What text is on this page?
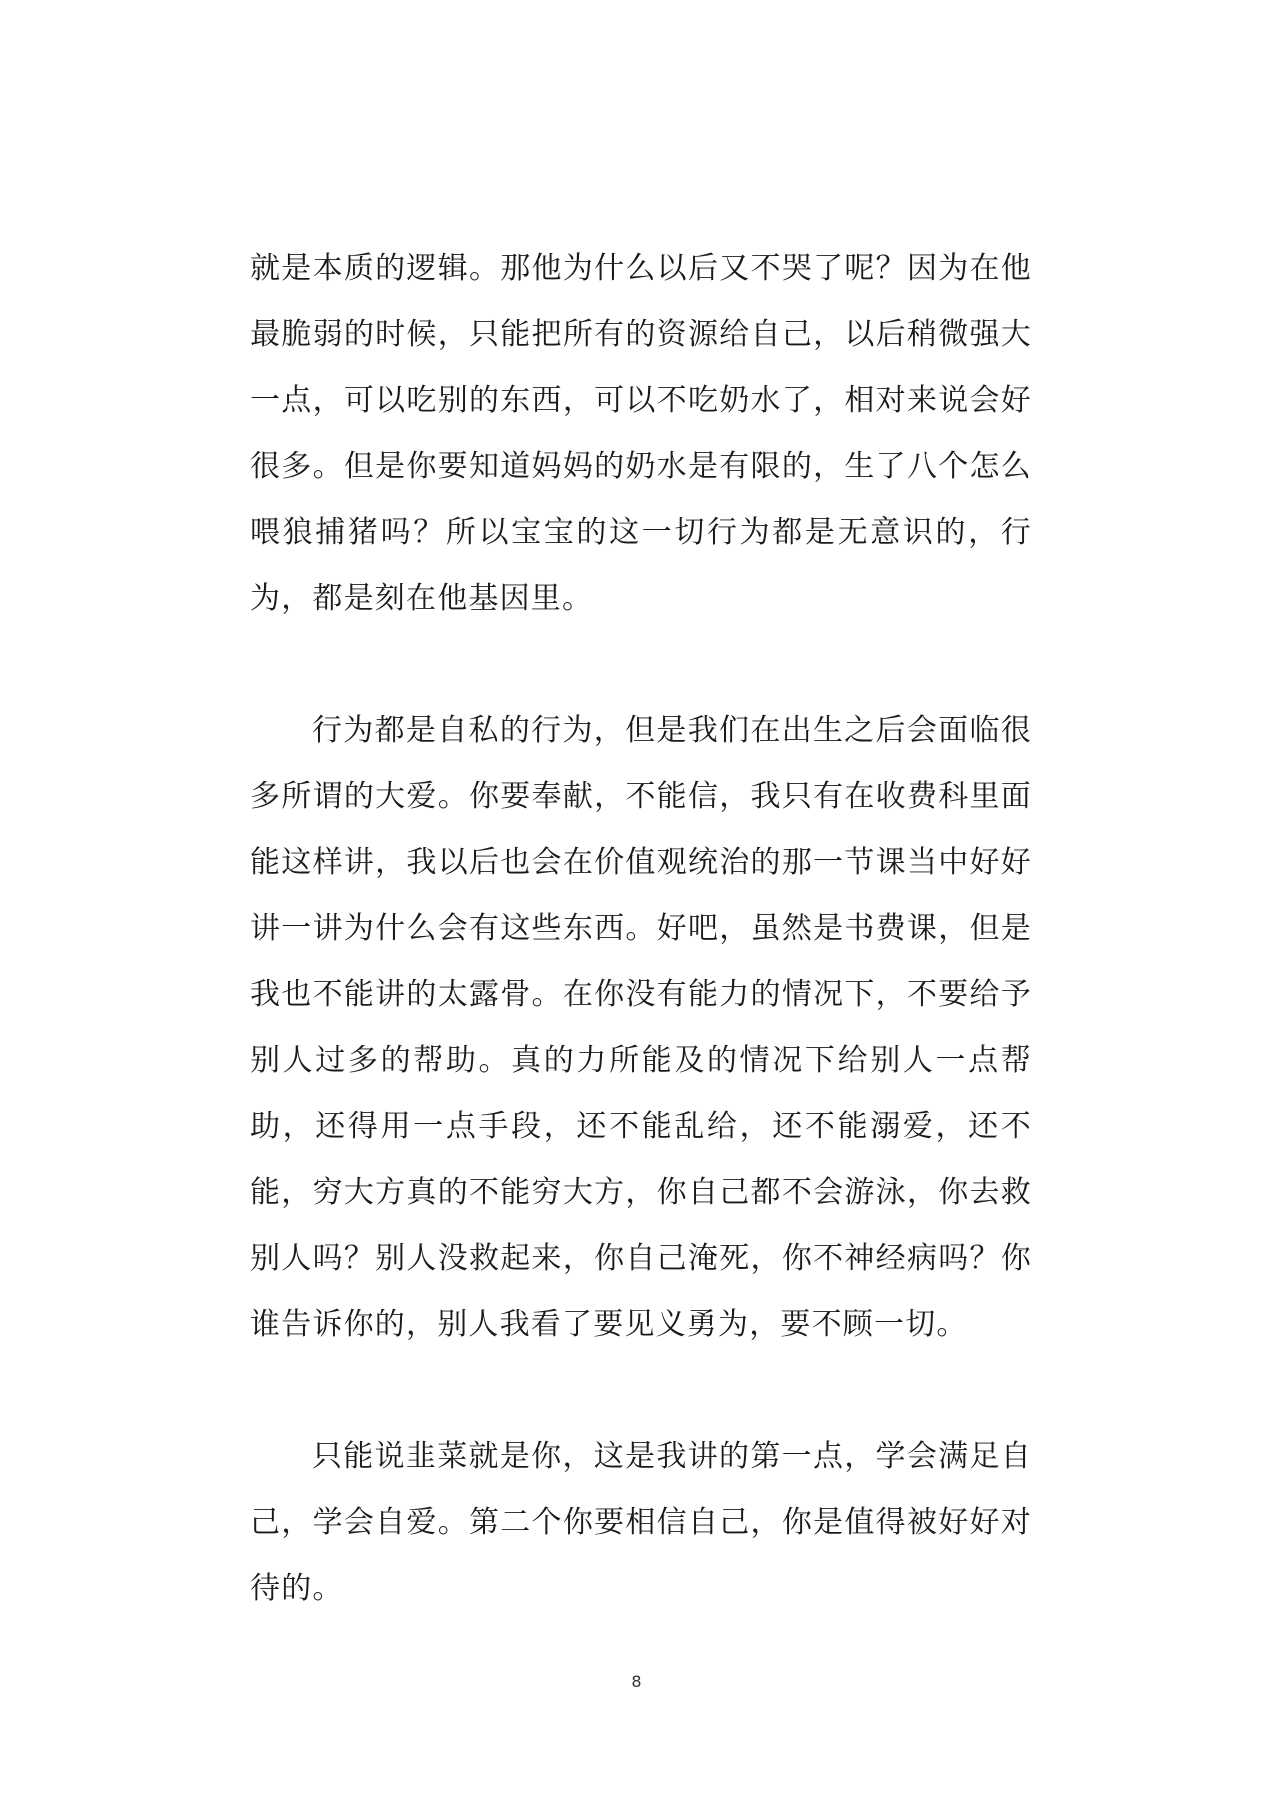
就是本质的逻辑。那他为什么以后又不哭了呢？因为在他最脆弱的时候，只能把所有的资源给自己，以后稍微强大一点，可以吃别的东西，可以不吃奶水了，相对来说会好很多。但是你要知道妈妈的奶水是有限的，生了八个怎么喂狼捕猪吗？所以宝宝的这一切行为都是无意识的，行为，都是刻在他基因里。

行为都是自私的行为，但是我们在出生之后会面临很多所谓的大爱。你要奉献，不能信，我只有在收费科里面能这样讲，我以后也会在价值观统治的那一节课当中好好讲一讲为什么会有这些东西。好吧，虽然是书费课，但是我也不能讲的太露骨。在你没有能力的情况下，不要给予别人过多的帮助。真的力所能及的情况下给别人一点帮助，还得用一点手段，还不能乱给，还不能溺爱，还不能，穷大方真的不能穷大方，你自己都不会游泳，你去救别人吗？别人没救起来，你自己淹死，你不神经病吗？你谁告诉你的，别人我看了要见义勇为，要不顾一切。

只能说韭菜就是你，这是我讲的第一点，学会满足自己，学会自爱。第二个你要相信自己，你是值得被好好对待的。

8
